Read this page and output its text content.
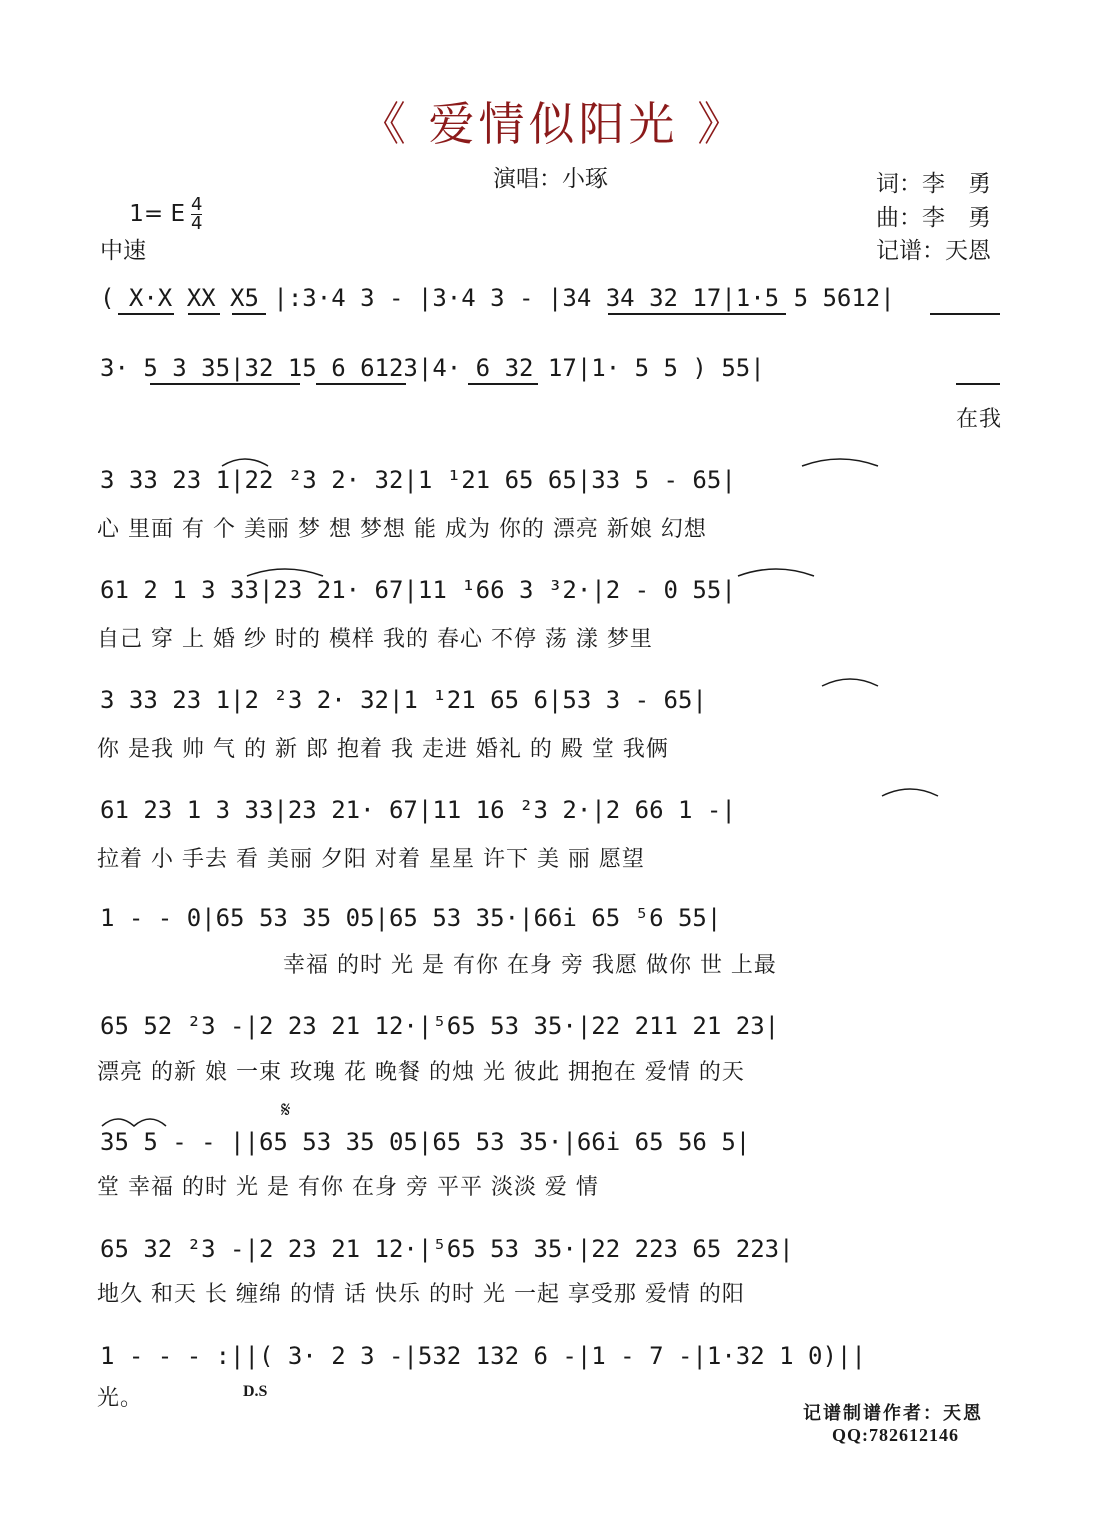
《 爱情似阳光 》

1= E $\frac{4}{4}$

演唱：小琢	词：李　勇
曲：李　勇
记谱：天恩
中速
( X·X XX X5 |:3·4 3 - |3·4 3 - |34 34 32 17|1·5 5 5612|
3· 5 3 35|32 15 6 6123|4· 6 32 17|1· 5 5 ) 55|
在我
3 33 23 1|22 ²3 2· 32|1 ¹21 65 65|33 5 - 65|
心 里面 有 个 美丽 梦 想 梦想 能 成为 你的 漂亮 新娘 幻想
61 2 1 3 33|23 21· 67|11 ¹66 3 ³2·|2 - 0 55|
自己 穿 上 婚 纱 时的 模样 我的 春心 不停 荡 漾 梦里
3 33 23 1|2 ²3 2· 32|1 ¹21 65 6|53 3 - 65|
你 是我 帅 气 的 新 郎 抱着 我 走进 婚礼 的 殿 堂 我俩
61 23 1 3 33|23 21· 67|11 16 ²3 2·|2 66 1 -|
拉着 小 手去 看 美丽 夕阳 对着 星星 许下 美 丽 愿望
1 - - 0|65 53 35 05|65 53 35·|66i 65 ⁵6 55|
幸福 的时 光 是 有你 在身 旁 我愿 做你 世 上最
65 52 ²3 -|2 23 21 12·|⁵65 53 35·|22 211 21 23|
漂亮 的新 娘 一束 玫瑰 花 晚餐 的烛 光 彼此 拥抱在 爱情 的天
𝄋
35 5 - - ||65 53 35 05|65 53 35·|66i 65 56 5|
堂 幸福 的时 光 是 有你 在身 旁 平平 淡淡 爱 情
65 32 ²3 -|2 23 21 12·|⁵65 53 35·|22 223 65 223|
地久 和天 长 缠绵 的情 话 快乐 的时 光 一起 享受那 爱情 的阳
1 - - - :||( 3· 2 3 -|532 132 6 -|1 - 7 -|1·32 1 0)||
光。	D.S
记谱制谱作者：天恩
QQ:782612146
